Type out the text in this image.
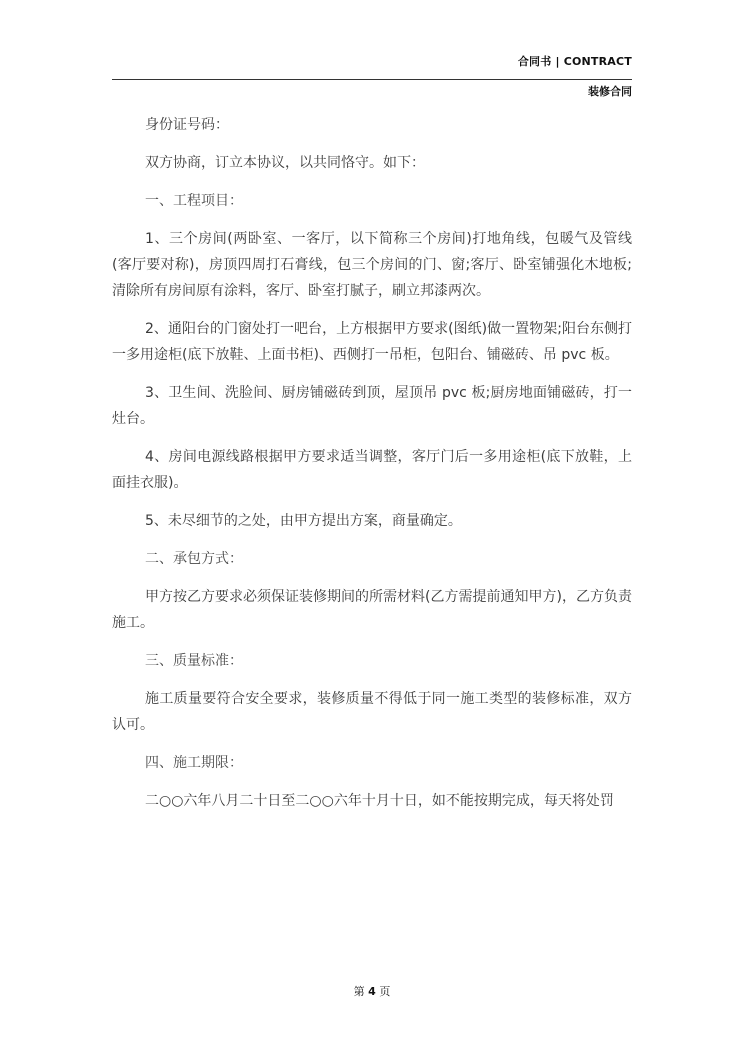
合同书 | CONTRACT
装修合同

身份证号码：

双方协商，订立本协议，以共同恪守。如下：

一、工程项目：

1、三个房间(两卧室、一客厅，以下简称三个房间)打地角线，包暖气及管线(客厅要对称)，房顶四周打石膏线，包三个房间的门、窗;客厅、卧室铺强化木地板;清除所有房间原有涂料，客厅、卧室打腻子，刷立邦漆两次。

2、通阳台的门窗处打一吧台，上方根据甲方要求(图纸)做一置物架;阳台东侧打一多用途柜(底下放鞋、上面书柜)、西侧打一吊柜，包阳台、铺磁砖、吊 pvc 板。

3、卫生间、洗脸间、厨房铺磁砖到顶，屋顶吊 pvc 板;厨房地面铺磁砖，打一灶台。

4、房间电源线路根据甲方要求适当调整，客厅门后一多用途柜(底下放鞋，上面挂衣服)。

5、未尽细节的之处，由甲方提出方案，商量确定。

二、承包方式：

甲方按乙方要求必须保证装修期间的所需材料(乙方需提前通知甲方)，乙方负责施工。

三、质量标准：

施工质量要符合安全要求，装修质量不得低于同一施工类型的装修标准，双方认可。

四、施工期限：

二○○六年八月二十日至二○○六年十月十日，如不能按期完成，每天将处罚

第 4 页
